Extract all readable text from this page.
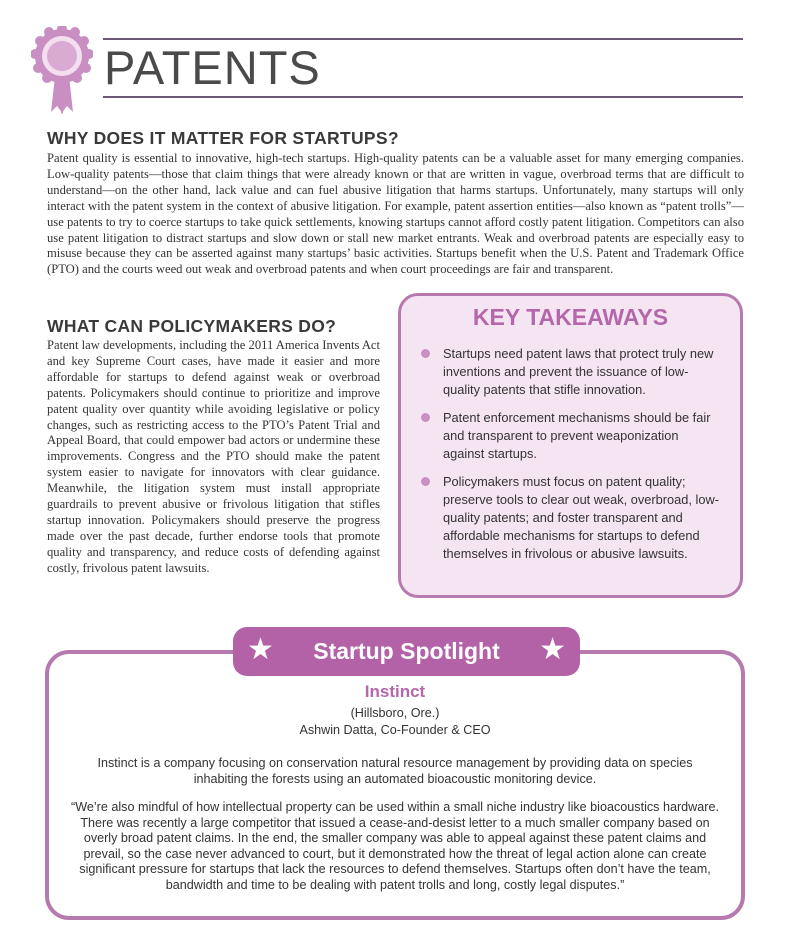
PATENTS
WHY DOES IT MATTER FOR STARTUPS?

Patent quality is essential to innovative, high-tech startups. High-quality patents can be a valuable asset for many emerging companies. Low-quality patents—those that claim things that were already known or that are written in vague, overbroad terms that are difficult to understand—on the other hand, lack value and can fuel abusive litigation that harms startups. Unfortunately, many startups will only interact with the patent system in the context of abusive litigation. For example, patent assertion entities—also known as “patent trolls”—use patents to try to coerce startups to take quick settlements, knowing startups cannot afford costly patent litigation. Competitors can also use patent litigation to distract startups and slow down or stall new market entrants. Weak and overbroad patents are especially easy to misuse because they can be asserted against many startups’ basic activities. Startups benefit when the U.S. Patent and Trademark Office (PTO) and the courts weed out weak and overbroad patents and when court proceedings are fair and transparent.

WHAT CAN POLICYMAKERS DO?

Patent law developments, including the 2011 America Invents Act and key Supreme Court cases, have made it easier and more affordable for startups to defend against weak or overbroad patents. Policymakers should continue to prioritize and improve patent quality over quantity while avoiding legislative or policy changes, such as restricting access to the PTO’s Patent Trial and Appeal Board, that could empower bad actors or undermine these improvements. Congress and the PTO should make the patent system easier to navigate for innovators with clear guidance. Meanwhile, the litigation system must install appropriate guardrails to prevent abusive or frivolous litigation that stifles startup innovation. Policymakers should preserve the progress made over the past decade, further endorse tools that promote quality and transparency, and reduce costs of defending against costly, frivolous patent lawsuits.

KEY TAKEAWAYS
Startups need patent laws that protect truly new inventions and prevent the issuance of low-quality patents that stifle innovation.
Patent enforcement mechanisms should be fair and transparent to prevent weaponization against startups.
Policymakers must focus on patent quality; preserve tools to clear out weak, overbroad, low-quality patents; and foster transparent and affordable mechanisms for startups to defend themselves in frivolous or abusive lawsuits.
★ Startup Spotlight ★

Instinct

(Hillsboro, Ore.)

Ashwin Datta, Co-Founder & CEO

Instinct is a company focusing on conservation natural resource management by providing data on species inhabiting the forests using an automated bioacoustic monitoring device.

“We’re also mindful of how intellectual property can be used within a small niche industry like bioacoustics hardware. There was recently a large competitor that issued a cease-and-desist letter to a much smaller company based on overly broad patent claims. In the end, the smaller company was able to appeal against these patent claims and prevail, so the case never advanced to court, but it demonstrated how the threat of legal action alone can create significant pressure for startups that lack the resources to defend themselves. Startups often don’t have the team, bandwidth and time to be dealing with patent trolls and long, costly legal disputes.”
